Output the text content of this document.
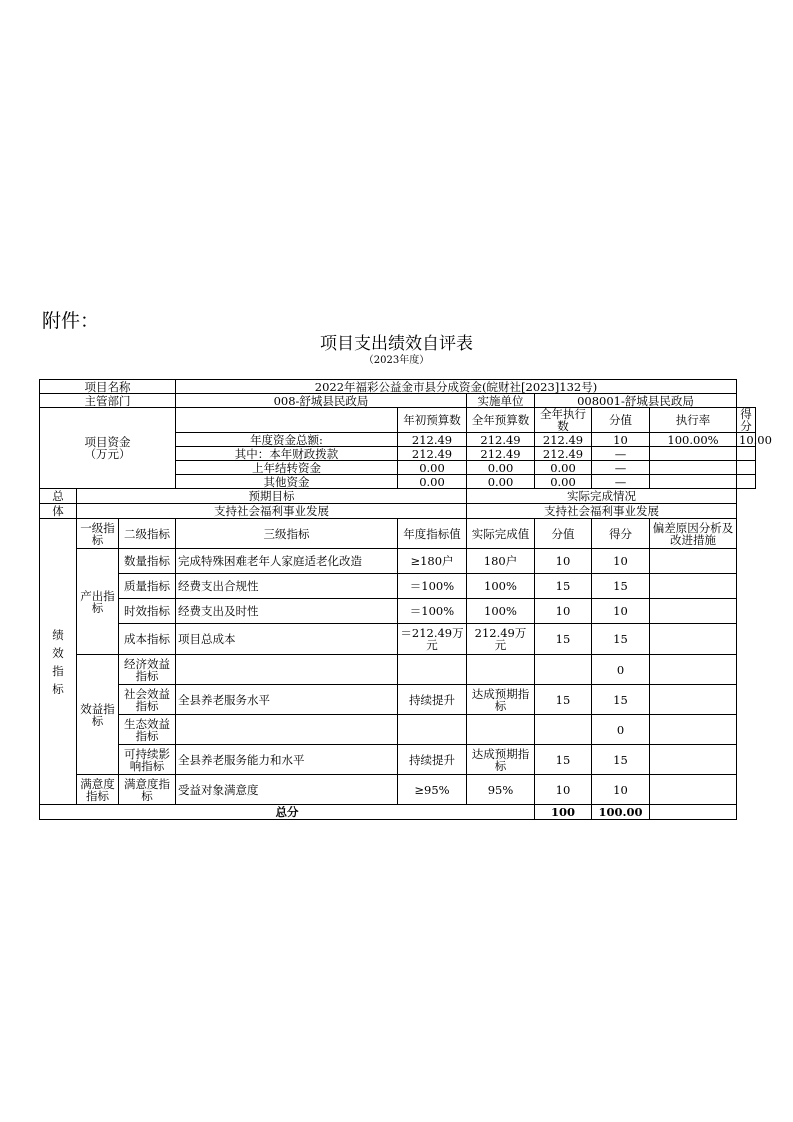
附件：
项目支出绩效自评表
（2023年度）
项目名称			2022年福彩公益金市县分成资金(皖财社[2023]132号)						
主管部门			008-舒城县民政局		实施单位	008001-舒城县民政局			

项目资金
（万元）				年初预算数	全年预算数	全年执行数	分值	执行率	得分
			年度资金总额:	212.49	212.49	212.49	10	100.00%	10.00
			其中：本年财政拨款	212.49	212.49	212.49	—		
			上年结转资金	0.00	0.00	0.00	—		
			其他资金	0.00	0.00	0.00	—		
总	预期目标				实际完成情况				
体	支持社会福利事业发展				支持社会福利事业发展				

绩
效
指
标	一级指标	二级指标	三级指标	年度指标值	实际完成值	分值	得分	偏差原因分析及改进措施	
	产出指标	数量指标	完成特殊困难老年人家庭适老化改造	≥180户	180户	10	10		
		质量指标	经费支出合规性	＝100%	100%	15	15		
		时效指标	经费支出及时性	＝100%	100%	10	10		
		成本指标	项目总成本	＝212.49万元	212.49万元	15	15		
	效益指标	经济效益指标					0		
		社会效益指标	全县养老服务水平	持续提升	达成预期指标	15	15		
		生态效益指标					0		
		可持续影响指标	全县养老服务能力和水平	持续提升	达成预期指标	15	15		
	满意度指标	满意度指标	受益对象满意度	≥95%	95%	10	10		
总分						100	100.00		
